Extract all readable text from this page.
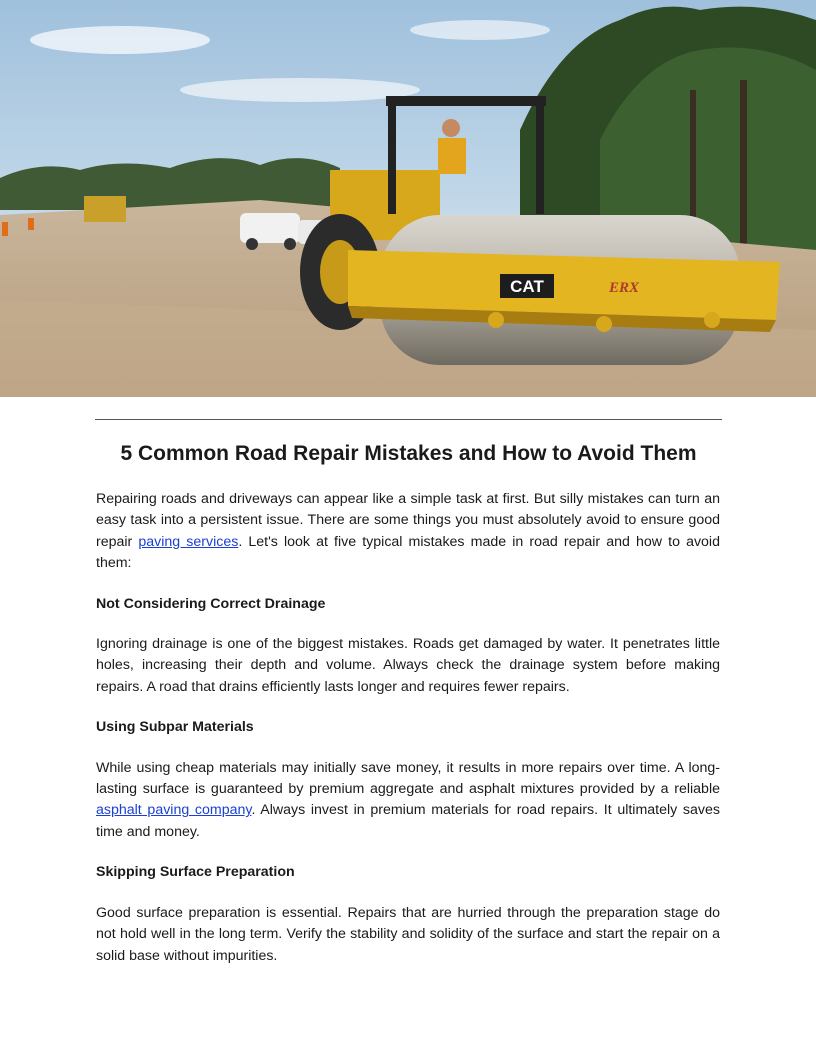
CAT	ERX
5 Common Road Repair Mistakes and How to Avoid Them

Repairing roads and driveways can appear like a simple task at first. But silly mistakes can turn an easy task into a persistent issue. There are some things you must absolutely avoid to ensure good repair paving services. Let's look at five typical mistakes made in road repair and how to avoid them:

Not Considering Correct Drainage

Ignoring drainage is one of the biggest mistakes. Roads get damaged by water. It penetrates little holes, increasing their depth and volume. Always check the drainage system before making repairs. A road that drains efficiently lasts longer and requires fewer repairs.

Using Subpar Materials

While using cheap materials may initially save money, it results in more repairs over time. A long-lasting surface is guaranteed by premium aggregate and asphalt mixtures provided by a reliable asphalt paving company. Always invest in premium materials for road repairs. It ultimately saves time and money.

Skipping Surface Preparation

Good surface preparation is essential. Repairs that are hurried through the preparation stage do not hold well in the long term. Verify the stability and solidity of the surface and start the repair on a solid base without impurities.
